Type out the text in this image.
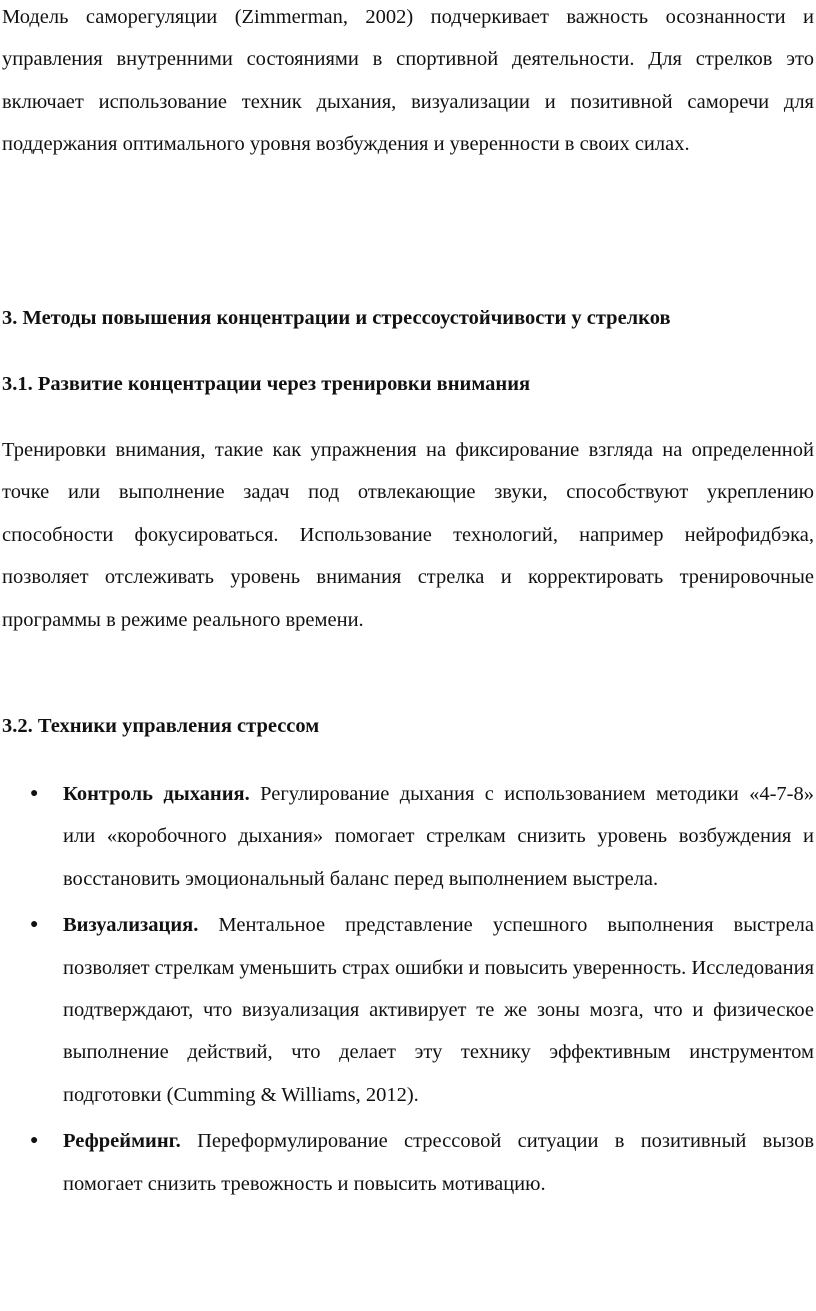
Модель саморегуляции (Zimmerman, 2002) подчеркивает важность осознанности и управления внутренними состояниями в спортивной деятельности. Для стрелков это включает использование техник дыхания, визуализации и позитивной саморечи для поддержания оптимального уровня возбуждения и уверенности в своих силах.

3. Методы повышения концентрации и стрессоустойчивости у стрелков
3.1. Развитие концентрации через тренировки внимания

Тренировки внимания, такие как упражнения на фиксирование взгляда на определенной точке или выполнение задач под отвлекающие звуки, способствуют укреплению способности фокусироваться. Использование технологий, например нейрофидбэка, позволяет отслеживать уровень внимания стрелка и корректировать тренировочные программы в режиме реального времени.

3.2. Техники управления стрессом
● Контроль дыхания. Регулирование дыхания с использованием методики «4-7-8» или «коробочного дыхания» помогает стрелкам снизить уровень возбуждения и восстановить эмоциональный баланс перед выполнением выстрела.
● Визуализация. Ментальное представление успешного выполнения выстрела позволяет стрелкам уменьшить страх ошибки и повысить уверенность. Исследования подтверждают, что визуализация активирует те же зоны мозга, что и физическое выполнение действий, что делает эту технику эффективным инструментом подготовки (Cumming & Williams, 2012).
● Рефрейминг. Переформулирование стрессовой ситуации в позитивный вызов помогает снизить тревожность и повысить мотивацию.
